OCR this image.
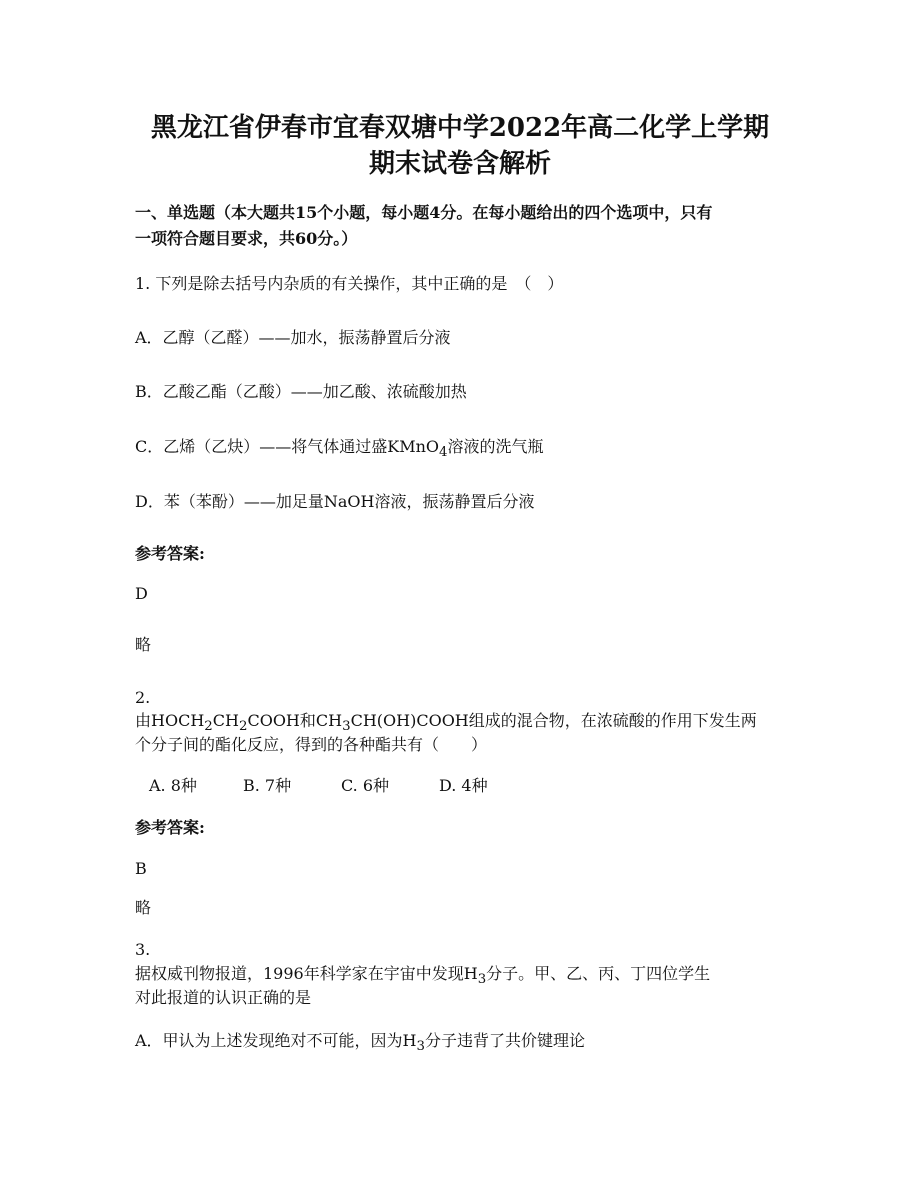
黑龙江省伊春市宜春双塘中学2022年高二化学上学期
期末试卷含解析
一、单选题（本大题共15个小题，每小题4分。在每小题给出的四个选项中，只有
一项符合题目要求，共60分。）
1. 下列是除去括号内杂质的有关操作，其中正确的是　（　）
A．乙醇（乙醛）——加水，振荡静置后分液
B．乙酸乙酯（乙酸）——加乙酸、浓硫酸加热
C．乙烯（乙炔）——将气体通过盛KMnO$_4$溶液的洗气瓶
D．苯（苯酚）——加足量NaOH溶液，振荡静置后分液
参考答案:
D
略
2.
由$HOCH_2CH_2COOH$和$CH_3CH(OH)COOH$组成的混合物，在浓硫酸的作用下发生两
个分子间的酯化反应，得到的各种酯共有（　　）
A. 8种	B. 7种	C. 6种	D. 4种
参考答案:
B
略
3.
据权威刊物报道，1996年科学家在宇宙中发现$H_3$分子。甲、乙、丙、丁四位学生
对此报道的认识正确的是
A．甲认为上述发现绝对不可能，因为$H_3$分子违背了共价键理论
